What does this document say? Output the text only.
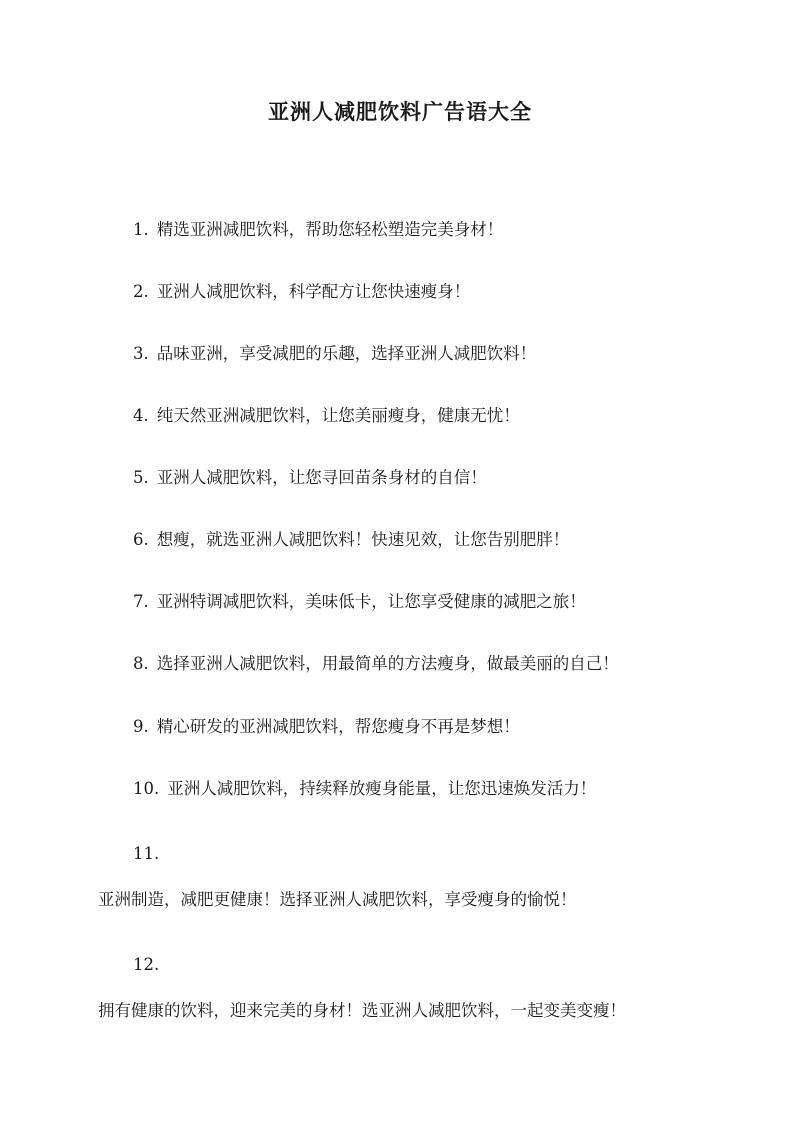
亚洲人减肥饮料广告语大全

1. 精选亚洲减肥饮料，帮助您轻松塑造完美身材！

2. 亚洲人减肥饮料，科学配方让您快速瘦身！

3. 品味亚洲，享受减肥的乐趣，选择亚洲人减肥饮料！

4. 纯天然亚洲减肥饮料，让您美丽瘦身，健康无忧！

5. 亚洲人减肥饮料，让您寻回苗条身材的自信！

6. 想瘦，就选亚洲人减肥饮料！快速见效，让您告别肥胖！

7. 亚洲特调减肥饮料，美味低卡，让您享受健康的减肥之旅！

8. 选择亚洲人减肥饮料，用最简单的方法瘦身，做最美丽的自己！

9. 精心研发的亚洲减肥饮料，帮您瘦身不再是梦想！

10. 亚洲人减肥饮料，持续释放瘦身能量，让您迅速焕发活力！

11.

亚洲制造，减肥更健康！选择亚洲人减肥饮料，享受瘦身的愉悦！

12.

拥有健康的饮料，迎来完美的身材！选亚洲人减肥饮料，一起变美变瘦！
